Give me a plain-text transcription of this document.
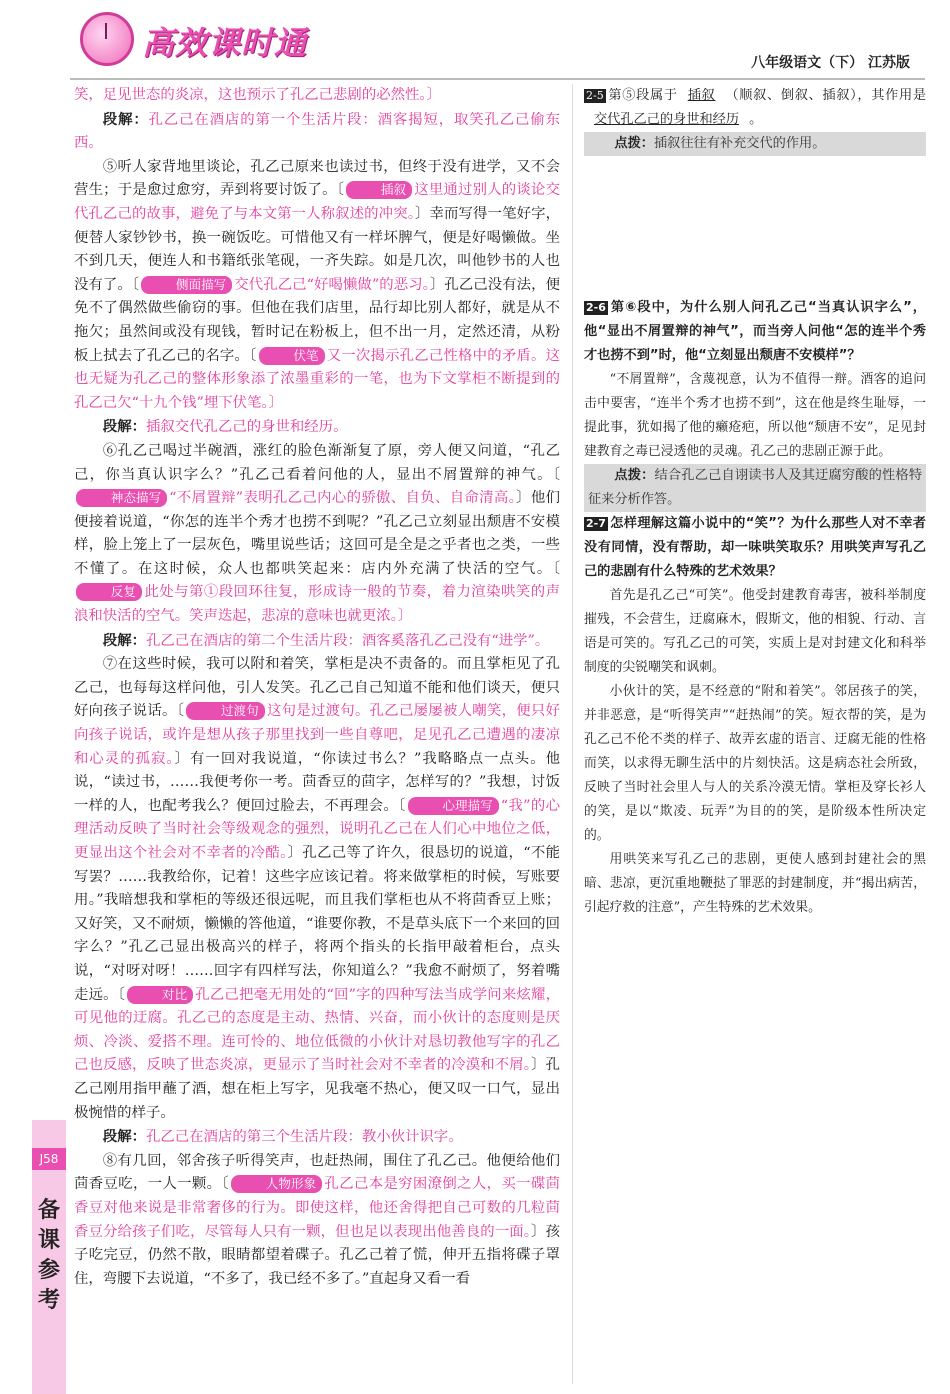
高效课时通
八年级语文（下） 江苏版
J58
备
课
参
考

笑，足见世态的炎凉，这也预示了孔乙己悲剧的必然性。〕

段解：孔乙己在酒店的第一个生活片段：酒客揭短，取笑孔乙己偷东西。

⑤听人家背地里谈论，孔乙己原来也读过书，但终于没有进学，又不会营生；于是愈过愈穷，弄到将要讨饭了。〔	插叙 这里通过别人的谈论交代孔乙己的故事，避免了与本文第一人称叙述的冲突。〕幸而写得一笔好字，便替人家钞钞书，换一碗饭吃。可惜他又有一样坏脾气，便是好喝懒做。坐不到几天，便连人和书籍纸张笔砚，一齐失踪。如是几次，叫他钞书的人也没有了。〔	侧面描写 交代孔乙己“好喝懒做”的恶习。〕孔乙己没有法，便免不了偶然做些偷窃的事。但他在我们店里，品行却比别人都好，就是从不拖欠；虽然间或没有现钱，暂时记在粉板上，但不出一月，定然还清，从粉板上拭去了孔乙己的名字。〔	伏笔 又一次揭示孔乙己性格中的矛盾。这也无疑为孔乙己的整体形象添了浓墨重彩的一笔，也为下文掌柜不断提到的孔乙己欠“十九个钱”埋下伏笔。〕

段解：插叙交代孔乙己的身世和经历。

⑥孔乙己喝过半碗酒，涨红的脸色渐渐复了原，旁人便又问道，“孔乙己，你当真认识字么？”孔乙己看着问他的人，显出不屑置辩的神气。〔神态描写 “不屑置辩”表明孔乙己内心的骄傲、自负、自命清高。〕他们便接着说道，“你怎的连半个秀才也捞不到呢？”孔乙己立刻显出颓唐不安模样，脸上笼上了一层灰色，嘴里说些话；这回可是全是之乎者也之类，一些不懂了。在这时候，众人也都哄笑起来：店内外充满了快活的空气。〔反复 此处与第①段回环往复，形成诗一般的节奏，着力渲染哄笑的声浪和快活的空气。笑声迭起，悲凉的意味也就更浓。〕

段解：孔乙己在酒店的第二个生活片段：酒客奚落孔乙己没有“进学”。

⑦在这些时候，我可以附和着笑，掌柜是决不责备的。而且掌柜见了孔乙己，也每每这样问他，引人发笑。孔乙己自己知道不能和他们谈天，便只好向孩子说话。〔	过渡句 这句是过渡句。孔乙己屡屡被人嘲笑，便只好向孩子说话，或许是想从孩子那里找到一些自尊吧，足见孔乙己遭遇的凄凉和心灵的孤寂。〕有一回对我说道，“你读过书么？”我略略点一点头。他说，“读过书，……我便考你一考。茴香豆的茴字，怎样写的？”我想，讨饭一样的人，也配考我么？便回过脸去，不再理会。〔	心理描写 “我”的心理活动反映了当时社会等级观念的强烈，说明孔乙己在人们心中地位之低，更显出这个社会对不幸者的冷酷。〕孔乙己等了许久，很恳切的说道，“不能写罢？……我教给你，记着！这些字应该记着。将来做掌柜的时候，写账要用。”我暗想我和掌柜的等级还很远呢，而且我们掌柜也从不将茴香豆上账；又好笑，又不耐烦，懒懒的答他道，“谁要你教，不是草头底下一个来回的回字么？”孔乙己显出极高兴的样子，将两个指头的长指甲敲着柜台，点头说，“对呀对呀！……回字有四样写法，你知道么？”我愈不耐烦了，努着嘴走远。〔	对比 孔乙己把毫无用处的“回”字的四种写法当成学问来炫耀，可见他的迂腐。孔乙己的态度是主动、热情、兴奋，而小伙计的态度则是厌烦、冷淡、爱搭不理。连可怜的、地位低微的小伙计对恳切教他写字的孔乙己也反感，反映了世态炎凉，更显示了当时社会对不幸者的冷漠和不屑。〕孔乙己刚用指甲蘸了酒，想在柜上写字，见我毫不热心，便又叹一口气，显出极惋惜的样子。

段解：孔乙己在酒店的第三个生活片段：教小伙计识字。

⑧有几回，邻舍孩子听得笑声，也赶热闹，围住了孔乙己。他便给他们茴香豆吃，一人一颗。〔	人物形象 孔乙己本是穷困潦倒之人，买一碟茴香豆对他来说是非常奢侈的行为。即使这样，他还舍得把自己可数的几粒茴香豆分给孩子们吃，尽管每人只有一颗，但也足以表现出他善良的一面。〕孩子吃完豆，仍然不散，眼睛都望着碟子。孔乙己着了慌，伸开五指将碟子罩住，弯腰下去说道，“不多了，我已经不多了。”直起身又看一看

2-5 第⑤段属于 插叙 （顺叙、倒叙、插叙），其作用是交代孔乙己的身世和经历 。

点拨：插叙往往有补充交代的作用。

2-6 第⑥段中，为什么别人问孔乙己“当真认识字么”，他“显出不屑置辩的神气”，而当旁人问他“怎的连半个秀才也捞不到”时，他“立刻显出颓唐不安模样”？

“不屑置辩”，含蔑视意，认为不值得一辩。酒客的追问击中要害，“连半个秀才也捞不到”，这在他是终生耻辱，一提此事，犹如揭了他的癞疮疤，所以他“颓唐不安”，足见封建教育之毒已浸透他的灵魂。孔乙己的悲剧正源于此。

点拨：结合孔乙己自诩读书人及其迂腐穷酸的性格特征来分析作答。

2-7 怎样理解这篇小说中的“笑”？为什么那些人对不幸者没有同情，没有帮助，却一味哄笑取乐？用哄笑声写孔乙己的悲剧有什么特殊的艺术效果？

首先是孔乙己“可笑”。他受封建教育毒害，被科举制度摧残，不会营生，迂腐麻木，假斯文，他的相貌、行动、言语是可笑的。写孔乙己的可笑，实质上是对封建文化和科举制度的尖锐嘲笑和讽刺。

小伙计的笑，是不经意的“附和着笑”。邻居孩子的笑，并非恶意，是“听得笑声”“赶热闹”的笑。短衣帮的笑，是为孔乙己不伦不类的样子、故弄玄虚的语言、迂腐无能的性格而笑，以求得无聊生活中的片刻快活。这是病态社会所致，反映了当时社会里人与人的关系冷漠无情。掌柜及穿长衫人的笑，是以“欺凌、玩弄”为目的的笑，是阶级本性所决定的。

用哄笑来写孔乙己的悲剧，更使人感到封建社会的黑暗、悲凉，更沉重地鞭挞了罪恶的封建制度，并“揭出病苦，引起疗救的注意”，产生特殊的艺术效果。
